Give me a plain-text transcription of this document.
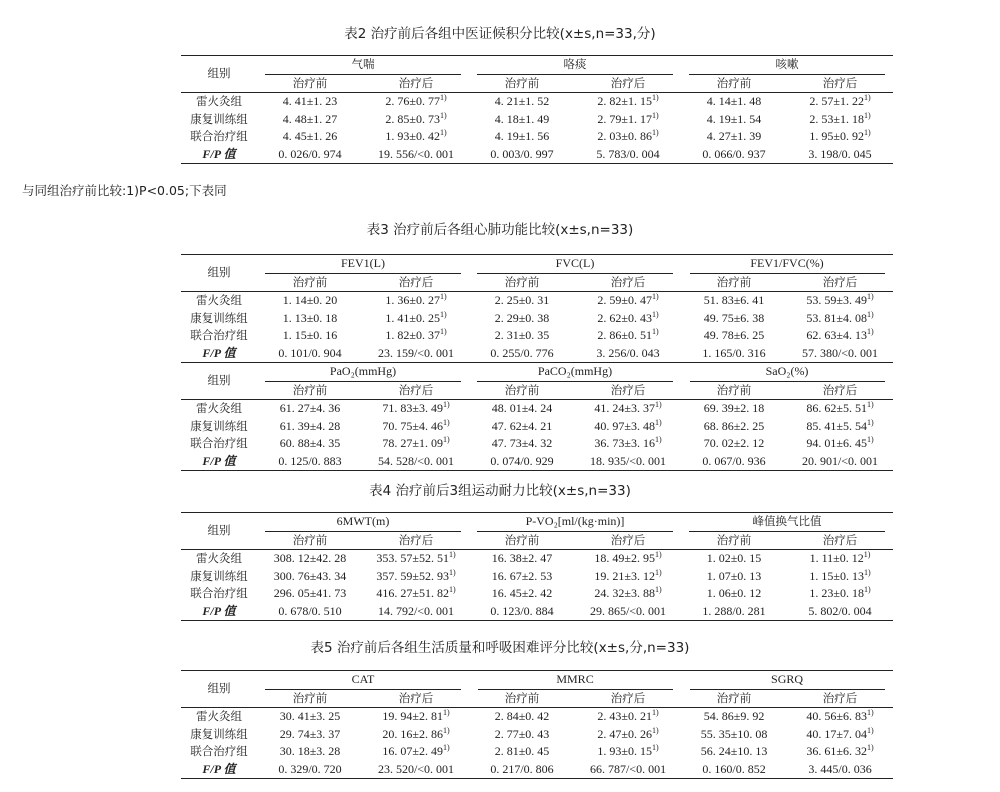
表2 治疗前后各组中医证候积分比较(x±s,n=33,分)
组别	气喘		咯痰		咳嗽	
	治疗前	治疗后	治疗前	治疗后	治疗前	治疗后
雷火灸组	4. 41±1. 23	2. 76±0. 77$^{1)}$	4. 21±1. 52	2. 82±1. 15$^{1)}$	4. 14±1. 48	2. 57±1. 22$^{1)}$
康复训练组	4. 48±1. 27	2. 85±0. 73$^{1)}$	4. 18±1. 49	2. 79±1. 17$^{1)}$	4. 19±1. 54	2. 53±1. 18$^{1)}$
联合治疗组	4. 45±1. 26	1. 93±0. 42$^{1)}$	4. 19±1. 56	2. 03±0. 86$^{1)}$	4. 27±1. 39	1. 95±0. 92$^{1)}$
F/P 值	0. 026/0. 974	19. 556/<0. 001	0. 003/0. 997	5. 783/0. 004	0. 066/0. 937	3. 198/0. 045
与同组治疗前比较:1)P<0.05;下表同
表3 治疗前后各组心肺功能比较(x±s,n=33)
组别	FEV1(L)		FVC(L)		FEV1/FVC(%)	
	治疗前	治疗后	治疗前	治疗后	治疗前	治疗后
雷火灸组	1. 14±0. 20	1. 36±0. 27$^{1)}$	2. 25±0. 31	2. 59±0. 47$^{1)}$	51. 83±6. 41	53. 59±3. 49$^{1)}$
康复训练组	1. 13±0. 18	1. 41±0. 25$^{1)}$	2. 29±0. 38	2. 62±0. 43$^{1)}$	49. 75±6. 38	53. 81±4. 08$^{1)}$
联合治疗组	1. 15±0. 16	1. 82±0. 37$^{1)}$	2. 31±0. 35	2. 86±0. 51$^{1)}$	49. 78±6. 25	62. 63±4. 13$^{1)}$
F/P 值	0. 101/0. 904	23. 159/<0. 001	0. 255/0. 776	3. 256/0. 043	1. 165/0. 316	57. 380/<0. 001
组别	PaO₂(mmHg)		PaCO₂(mmHg)		SaO₂(%)	
	治疗前	治疗后	治疗前	治疗后	治疗前	治疗后
雷火灸组	61. 27±4. 36	71. 83±3. 49$^{1)}$	48. 01±4. 24	41. 24±3. 37$^{1)}$	69. 39±2. 18	86. 62±5. 51$^{1)}$
康复训练组	61. 39±4. 28	70. 75±4. 46$^{1)}$	47. 62±4. 21	40. 97±3. 48$^{1)}$	68. 86±2. 25	85. 41±5. 54$^{1)}$
联合治疗组	60. 88±4. 35	78. 27±1. 09$^{1)}$	47. 73±4. 32	36. 73±3. 16$^{1)}$	70. 02±2. 12	94. 01±6. 45$^{1)}$
F/P 值	0. 125/0. 883	54. 528/<0. 001	0. 074/0. 929	18. 935/<0. 001	0. 067/0. 936	20. 901/<0. 001
表4 治疗前后3组运动耐力比较(x±s,n=33)
组别	6MWT(m)		P-VO₂[ml/(kg·min)]		峰值换气比值	
	治疗前	治疗后	治疗前	治疗后	治疗前	治疗后
雷火灸组	308. 12±42. 28	353. 57±52. 51$^{1)}$	16. 38±2. 47	18. 49±2. 95$^{1)}$	1. 02±0. 15	1. 11±0. 12$^{1)}$
康复训练组	300. 76±43. 34	357. 59±52. 93$^{1)}$	16. 67±2. 53	19. 21±3. 12$^{1)}$	1. 07±0. 13	1. 15±0. 13$^{1)}$
联合治疗组	296. 05±41. 73	416. 27±51. 82$^{1)}$	16. 45±2. 42	24. 32±3. 88$^{1)}$	1. 06±0. 12	1. 23±0. 18$^{1)}$
F/P 值	0. 678/0. 510	14. 792/<0. 001	0. 123/0. 884	29. 865/<0. 001	1. 288/0. 281	5. 802/0. 004
表5 治疗前后各组生活质量和呼吸困难评分比较(x±s,分,n=33)
组别	CAT		MMRC		SGRQ	
	治疗前	治疗后	治疗前	治疗后	治疗前	治疗后
雷火灸组	30. 41±3. 25	19. 94±2. 81$^{1)}$	2. 84±0. 42	2. 43±0. 21$^{1)}$	54. 86±9. 92	40. 56±6. 83$^{1)}$
康复训练组	29. 74±3. 37	20. 16±2. 86$^{1)}$	2. 77±0. 43	2. 47±0. 26$^{1)}$	55. 35±10. 08	40. 17±7. 04$^{1)}$
联合治疗组	30. 18±3. 28	16. 07±2. 49$^{1)}$	2. 81±0. 45	1. 93±0. 15$^{1)}$	56. 24±10. 13	36. 61±6. 32$^{1)}$
F/P 值	0. 329/0. 720	23. 520/<0. 001	0. 217/0. 806	66. 787/<0. 001	0. 160/0. 852	3. 445/0. 036
